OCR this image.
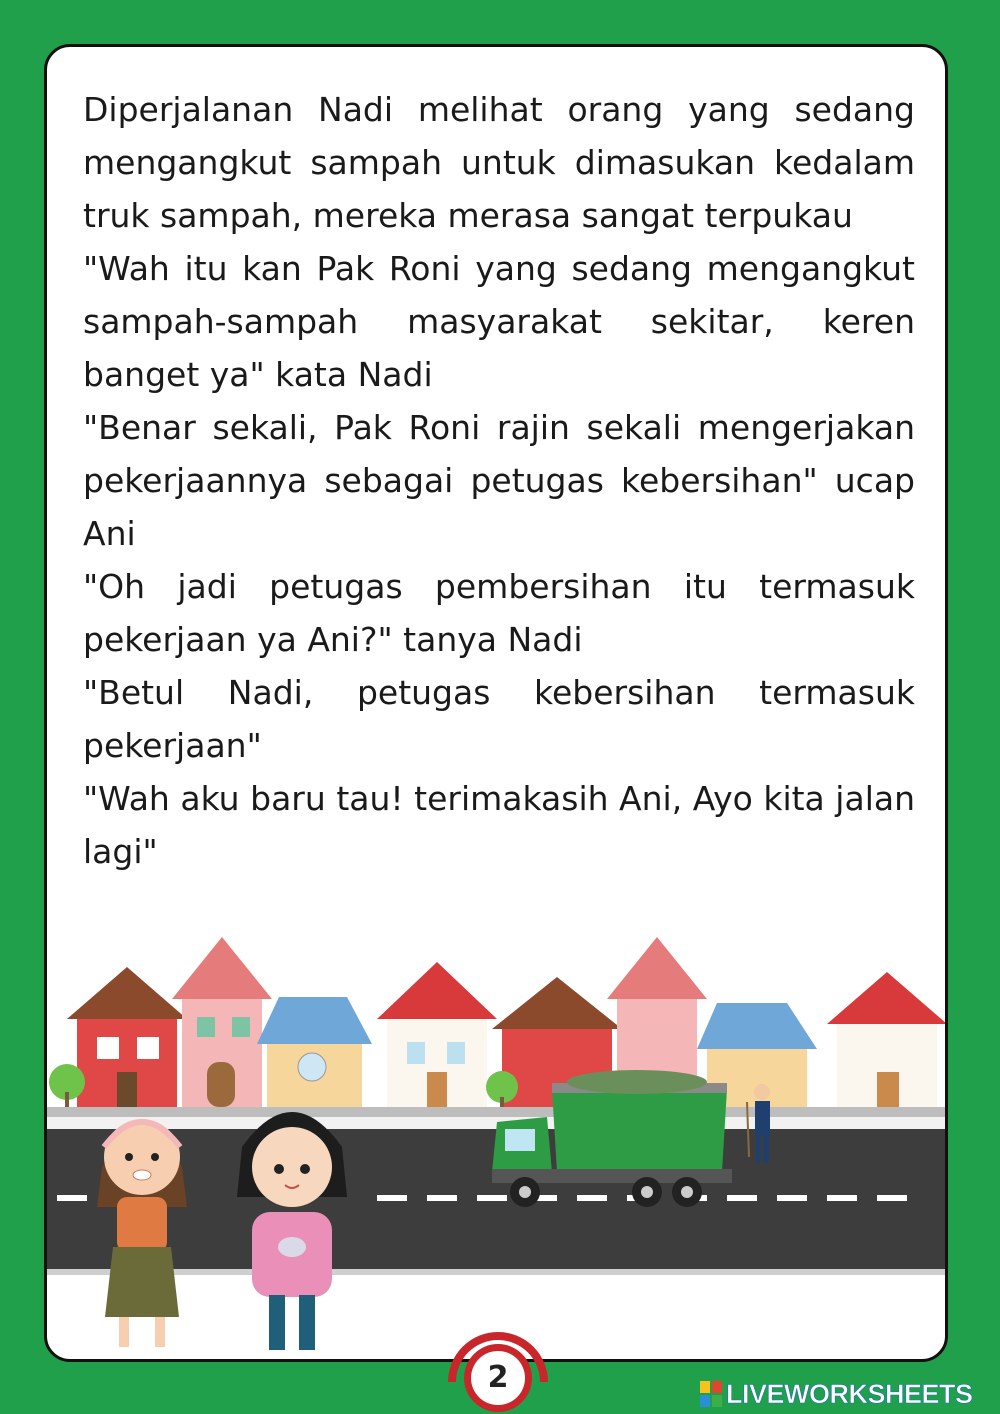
Diperjalanan Nadi melihat orang yang sedang mengangkut sampah untuk dimasukan kedalam truk sampah, mereka merasa sangat terpukau

"Wah itu kan Pak Roni yang sedang mengangkut sampah-sampah masyarakat sekitar, keren banget ya" kata Nadi

"Benar sekali, Pak Roni rajin sekali mengerjakan pekerjaannya sebagai petugas kebersihan" ucap Ani

"Oh jadi petugas pembersihan itu termasuk pekerjaan ya Ani?" tanya Nadi

"Betul Nadi, petugas kebersihan termasuk pekerjaan"

"Wah aku baru tau! terimakasih Ani, Ayo kita jalan lagi"

2	LIVEWORKSHEETS
